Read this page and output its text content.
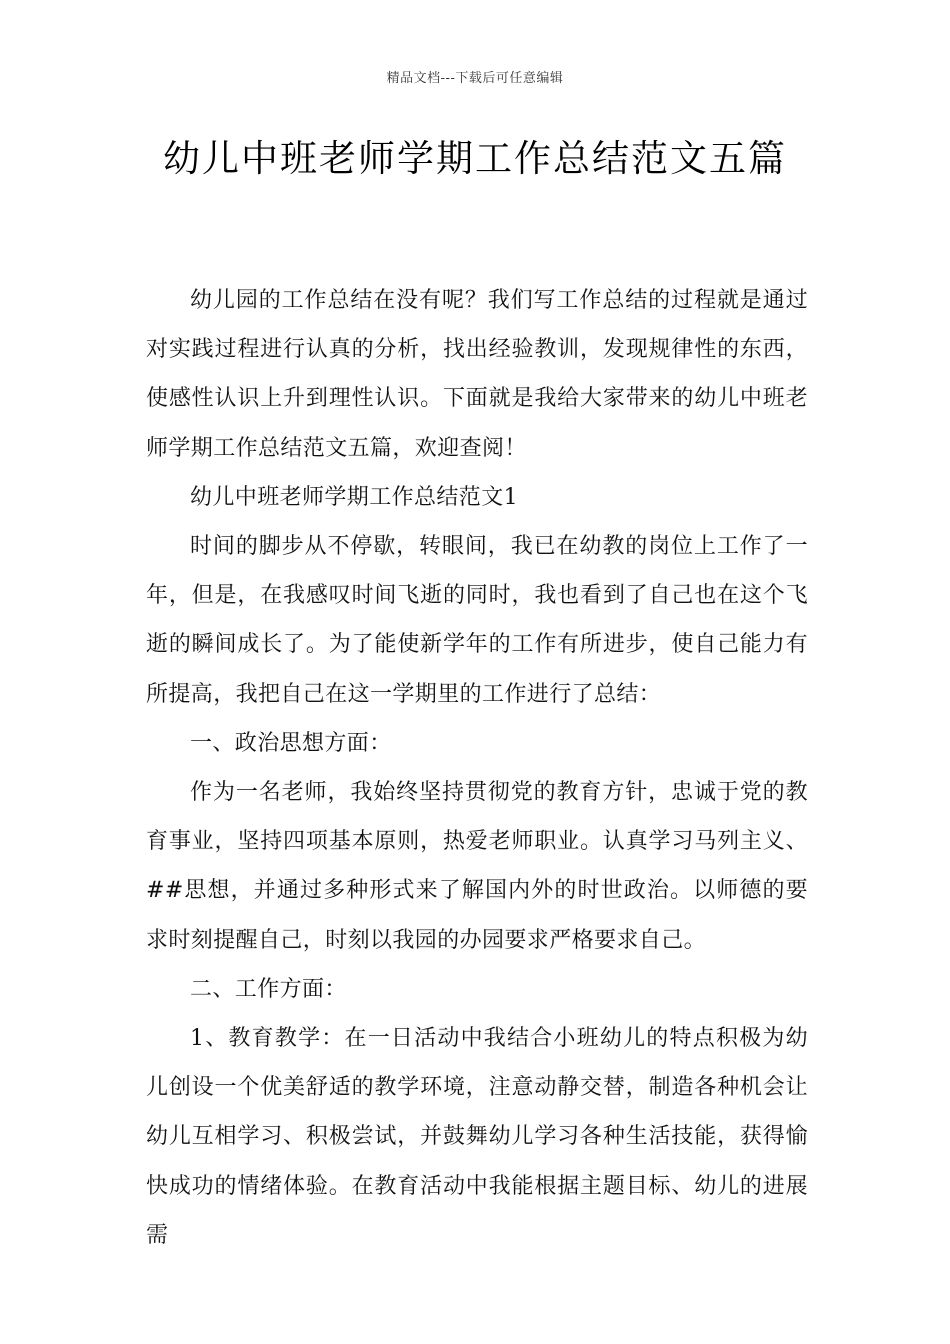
精品文档---下载后可任意编辑
幼儿中班老师学期工作总结范文五篇

幼儿园的工作总结在没有呢？我们写工作总结的过程就是通过对实践过程进行认真的分析，找出经验教训，发现规律性的东西，使感性认识上升到理性认识。下面就是我给大家带来的幼儿中班老师学期工作总结范文五篇，欢迎查阅！

幼儿中班老师学期工作总结范文1

时间的脚步从不停歇，转眼间，我已在幼教的岗位上工作了一年，但是，在我感叹时间飞逝的同时，我也看到了自己也在这个飞逝的瞬间成长了。为了能使新学年的工作有所进步，使自己能力有所提高，我把自己在这一学期里的工作进行了总结：

一、政治思想方面：

作为一名老师，我始终坚持贯彻党的教育方针，忠诚于党的教育事业，坚持四项基本原则，热爱老师职业。认真学习马列主义、##思想，并通过多种形式来了解国内外的时世政治。以师德的要求时刻提醒自己，时刻以我园的办园要求严格要求自己。

二、工作方面：

1、教育教学：在一日活动中我结合小班幼儿的特点积极为幼儿创设一个优美舒适的教学环境，注意动静交替，制造各种机会让幼儿互相学习、积极尝试，并鼓舞幼儿学习各种生活技能，获得愉快成功的情绪体验。在教育活动中我能根据主题目标、幼儿的进展需
